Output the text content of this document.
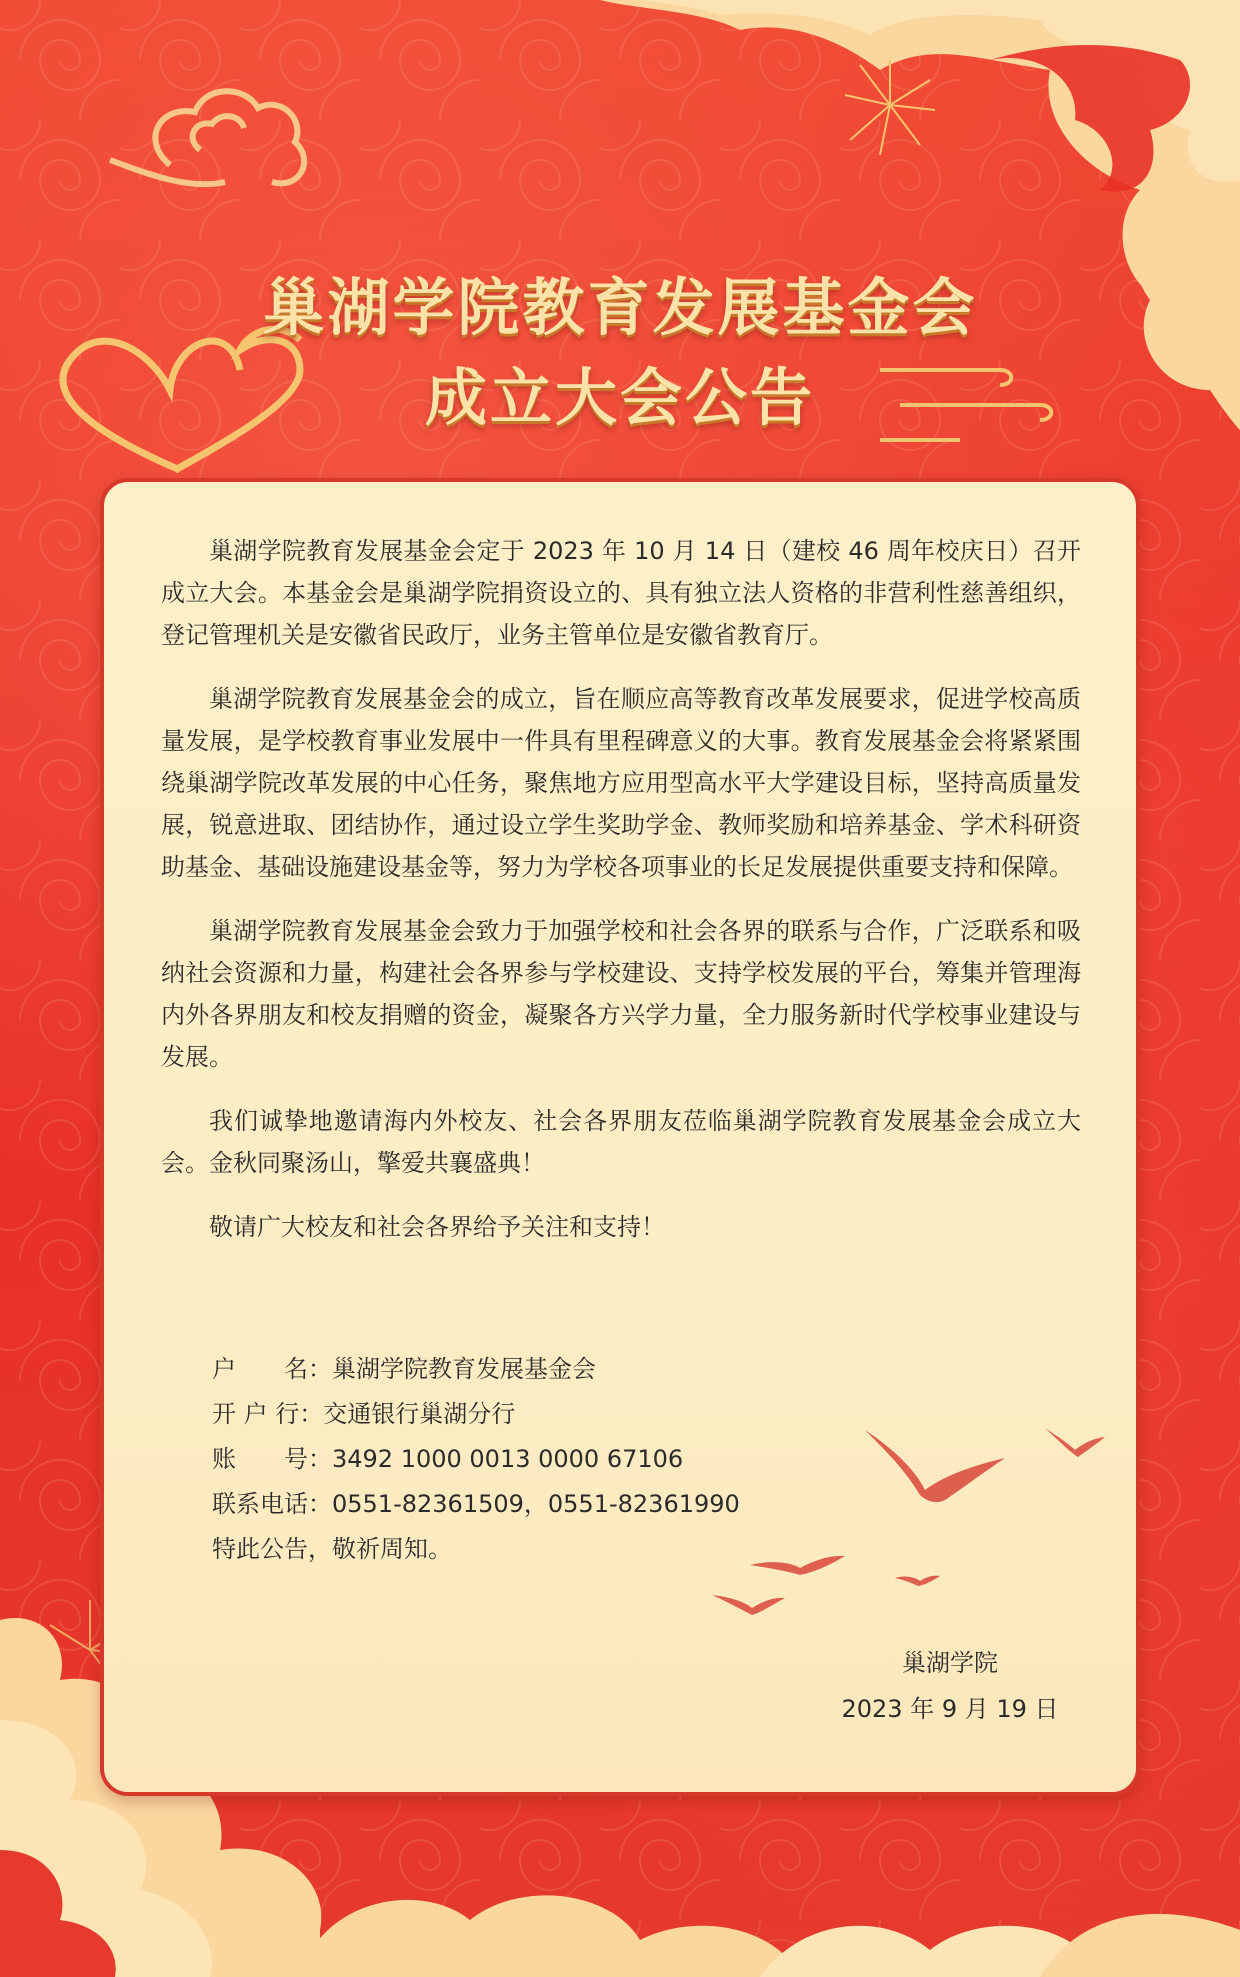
巢湖学院教育发展基金会
成立大会公告

巢湖学院教育发展基金会定于 2023 年 10 月 14 日（建校 46 周年校庆日）召开成立大会。本基金会是巢湖学院捐资设立的、具有独立法人资格的非营利性慈善组织，登记管理机关是安徽省民政厅，业务主管单位是安徽省教育厅。

巢湖学院教育发展基金会的成立，旨在顺应高等教育改革发展要求，促进学校高质量发展，是学校教育事业发展中一件具有里程碑意义的大事。教育发展基金会将紧紧围绕巢湖学院改革发展的中心任务，聚焦地方应用型高水平大学建设目标，坚持高质量发展，锐意进取、团结协作，通过设立学生奖助学金、教师奖励和培养基金、学术科研资助基金、基础设施建设基金等，努力为学校各项事业的长足发展提供重要支持和保障。

巢湖学院教育发展基金会致力于加强学校和社会各界的联系与合作，广泛联系和吸纳社会资源和力量，构建社会各界参与学校建设、支持学校发展的平台，筹集并管理海内外各界朋友和校友捐赠的资金，凝聚各方兴学力量，全力服务新时代学校事业建设与发展。

我们诚挚地邀请海内外校友、社会各界朋友莅临巢湖学院教育发展基金会成立大会。金秋同聚汤山，擎爱共襄盛典！

敬请广大校友和社会各界给予关注和支持！

户　　名：巢湖学院教育发展基金会
开 户 行：交通银行巢湖分行
账　　号：3492 1000 0013 0000 67106
联系电话：0551-82361509，0551-82361990
特此公告，敬祈周知。
巢湖学院
2023 年 9 月 19 日
